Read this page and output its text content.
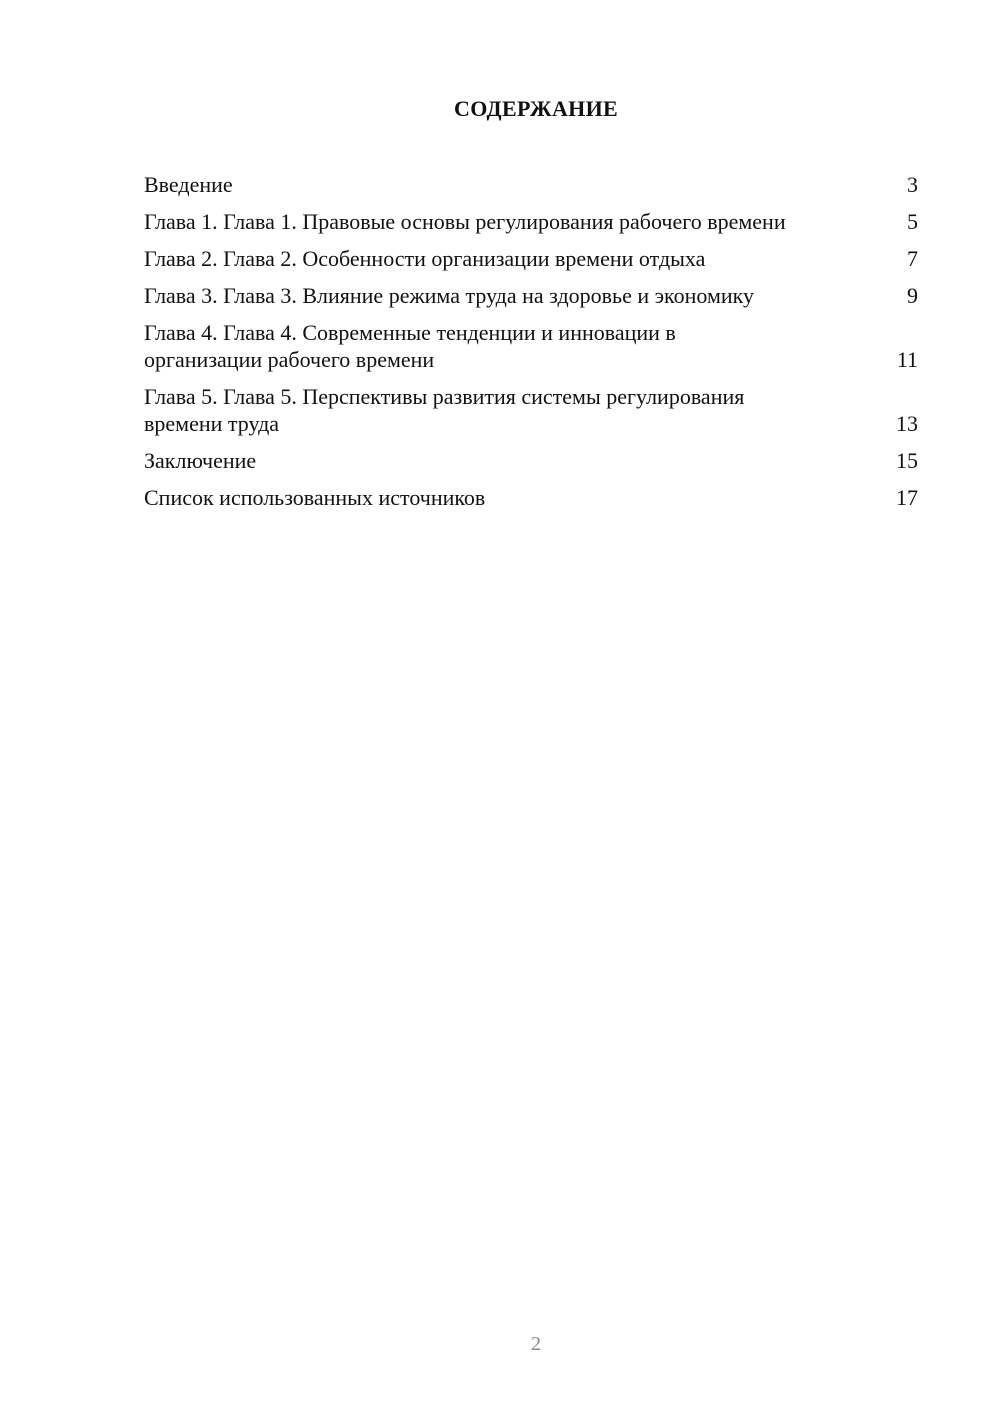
СОДЕРЖАНИЕ
Введение	3
Глава 1. Глава 1. Правовые основы регулирования рабочего времени	5
Глава 2. Глава 2. Особенности организации времени отдыха	7
Глава 3. Глава 3. Влияние режима труда на здоровье и экономику	9
Глава 4. Глава 4. Современные тенденции и инновации в организации рабочего времени	11
Глава 5. Глава 5. Перспективы развития системы регулирования времени труда	13
Заключение	15
Список использованных источников	17
2
